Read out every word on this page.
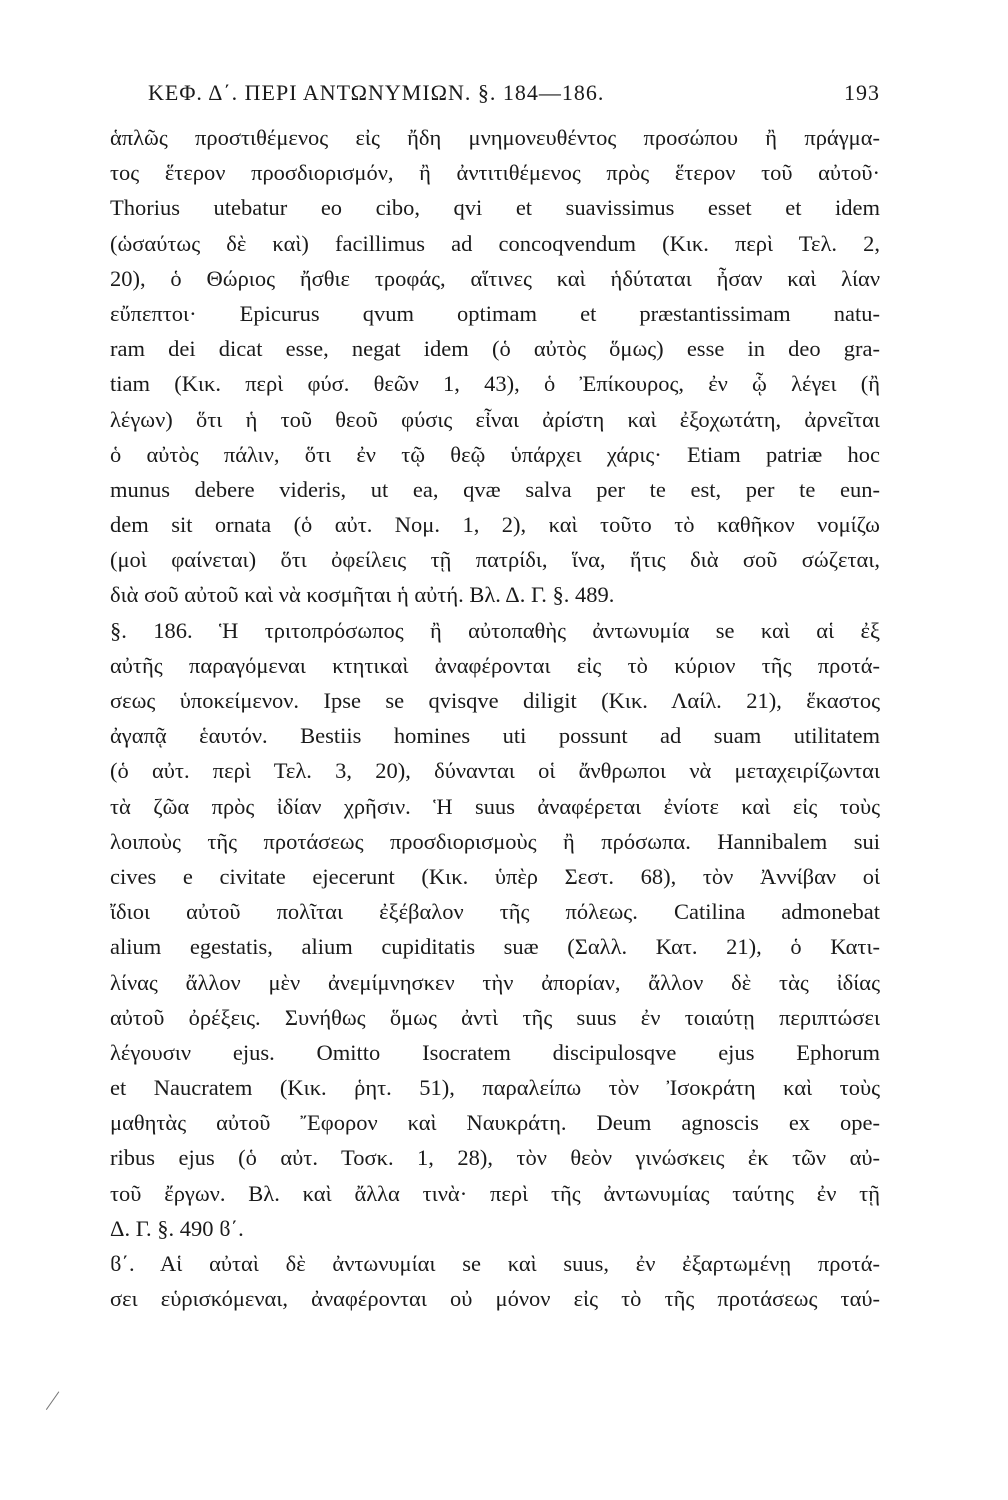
ΚΕΦ. Δ΄. ΠΕΡΙ ΑΝΤΩΝΥΜΙΩΝ. §. 184—186.	193
ἁπλῶς προστιθέμενος εἰς ἤδη μνημονευθέντος προσώπου ἢ πράγμα-
τος ἕτερον προσδιορισμόν, ἢ ἀντιτιθέμενος πρὸς ἕτερον τοῦ αὐτοῦ·
Thorius utebatur eo cibo, qvi et suavissimus esset et idem
(ὡσαύτως δὲ καὶ) facillimus ad concoqvendum (Κικ. περὶ Τελ. 2,
20), ὁ Θώριος ἤσθιε τροφάς, αἵτινες καὶ ἡδύταται ἦσαν καὶ λίαν
εὔπεπτοι· Epicurus qvum optimam et præstantissimam natu-
ram dei dicat esse, negat idem (ὁ αὐτὸς ὅμως) esse in deo gra-
tiam (Κικ. περὶ φύσ. θεῶν 1, 43), ὁ Ἐπίκουρος, ἐν ᾧ λέγει (ἢ
λέγων) ὅτι ἡ τοῦ θεοῦ φύσις εἶναι ἀρίστη καὶ ἐξοχωτάτη, ἀρνεῖται
ὁ αὐτὸς πάλιν, ὅτι ἐν τῷ θεῷ ὑπάρχει χάρις· Etiam patriæ hoc
munus debere videris, ut ea, qvæ salva per te est, per te eun-
dem sit ornata (ὁ αὐτ. Νομ. 1, 2), καὶ τοῦτο τὸ καθῆκον νομίζω
(μοὶ φαίνεται) ὅτι ὀφείλεις τῇ πατρίδι, ἵνα, ἥτις διὰ σοῦ σώζεται,
διὰ σοῦ αὐτοῦ καὶ νὰ κοσμῆται ἡ αὐτή. Βλ. Δ. Γ. §. 489.
§. 186. Ἡ τριτοπρόσωπος ἢ αὐτοπαθὴς ἀντωνυμία se καὶ αἱ ἐξ
αὐτῆς παραγόμεναι κτητικαὶ ἀναφέρονται εἰς τὸ κύριον τῆς προτά-
σεως ὑποκείμενον. Ipse se qvisqve diligit (Κικ. Λαίλ. 21), ἕκαστος
ἀγαπᾷ ἑαυτόν. Bestiis homines uti possunt ad suam utilitatem
(ὁ αὐτ. περὶ Τελ. 3, 20), δύνανται οἱ ἄνθρωποι νὰ μεταχειρίζωνται
τὰ ζῶα πρὸς ἰδίαν χρῆσιν. Ἡ suus ἀναφέρεται ἐνίοτε καὶ εἰς τοὺς
λοιποὺς τῆς προτάσεως προσδιορισμοὺς ἢ πρόσωπα. Hannibalem sui
cives e civitate ejecerunt (Κικ. ὑπὲρ Σεστ. 68), τὸν Ἀννίβαν οἱ
ἴδιοι αὐτοῦ πολῖται ἐξέβαλον τῆς πόλεως. Catilina admonebat
alium egestatis, alium cupiditatis suæ (Σαλλ. Κατ. 21), ὁ Κατι-
λίνας ἄλλον μὲν ἀνεμίμνησκεν τὴν ἀπορίαν, ἄλλον δὲ τὰς ἰδίας
αὐτοῦ ὀρέξεις. Συνήθως ὅμως ἀντὶ τῆς suus ἐν τοιαύτῃ περιπτώσει
λέγουσιν ejus. Omitto Isocratem discipulosqve ejus Ephorum
et Naucratem (Κικ. ῥητ. 51), παραλείπω τὸν Ἰσοκράτη καὶ τοὺς
μαθητὰς αὐτοῦ Ἔφορον καὶ Ναυκράτη. Deum agnoscis ex ope-
ribus ejus (ὁ αὐτ. Τοσκ. 1, 28), τὸν θεὸν γινώσκεις ἐκ τῶν αὐ-
τοῦ ἔργων. Βλ. καὶ ἄλλα τινὰ· περὶ τῆς ἀντωνυμίας ταύτης ἐν τῇ
Δ. Γ. §. 490 ϐ΄.
ϐ΄. Αἱ αὐταὶ δὲ ἀντωνυμίαι se καὶ suus, ἐν ἐξαρτωμένῃ προτά-
σει εὑρισκόμεναι, ἀναφέρονται οὐ μόνον εἰς τὸ τῆς προτάσεως ταύ-
